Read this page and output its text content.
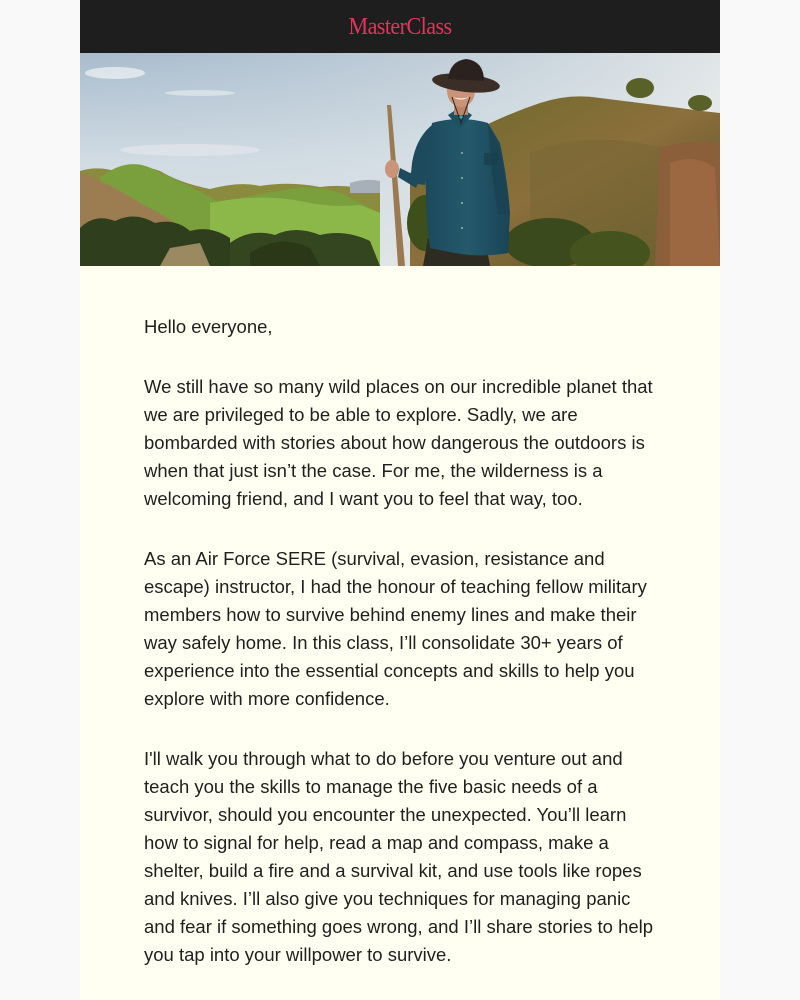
MasterClass

Hello everyone,

We still have so many wild places on our incredible planet that we are privileged to be able to explore. Sadly, we are bombarded with stories about how dangerous the outdoors is when that just isn’t the case. For me, the wilderness is a welcoming friend, and I want you to feel that way, too.

As an Air Force SERE (survival, evasion, resistance and escape) instructor, I had the honour of teaching fellow military members how to survive behind enemy lines and make their way safely home. In this class, I’ll consolidate 30+ years of experience into the essential concepts and skills to help you explore with more confidence.

I'll walk you through what to do before you venture out and teach you the skills to manage the five basic needs of a survivor, should you encounter the unexpected. You’ll learn how to signal for help, read a map and compass, make a shelter, build a fire and a survival kit, and use tools like ropes and knives. I’ll also give you techniques for managing panic and fear if something goes wrong, and I’ll share stories to help you tap into your willpower to survive.
